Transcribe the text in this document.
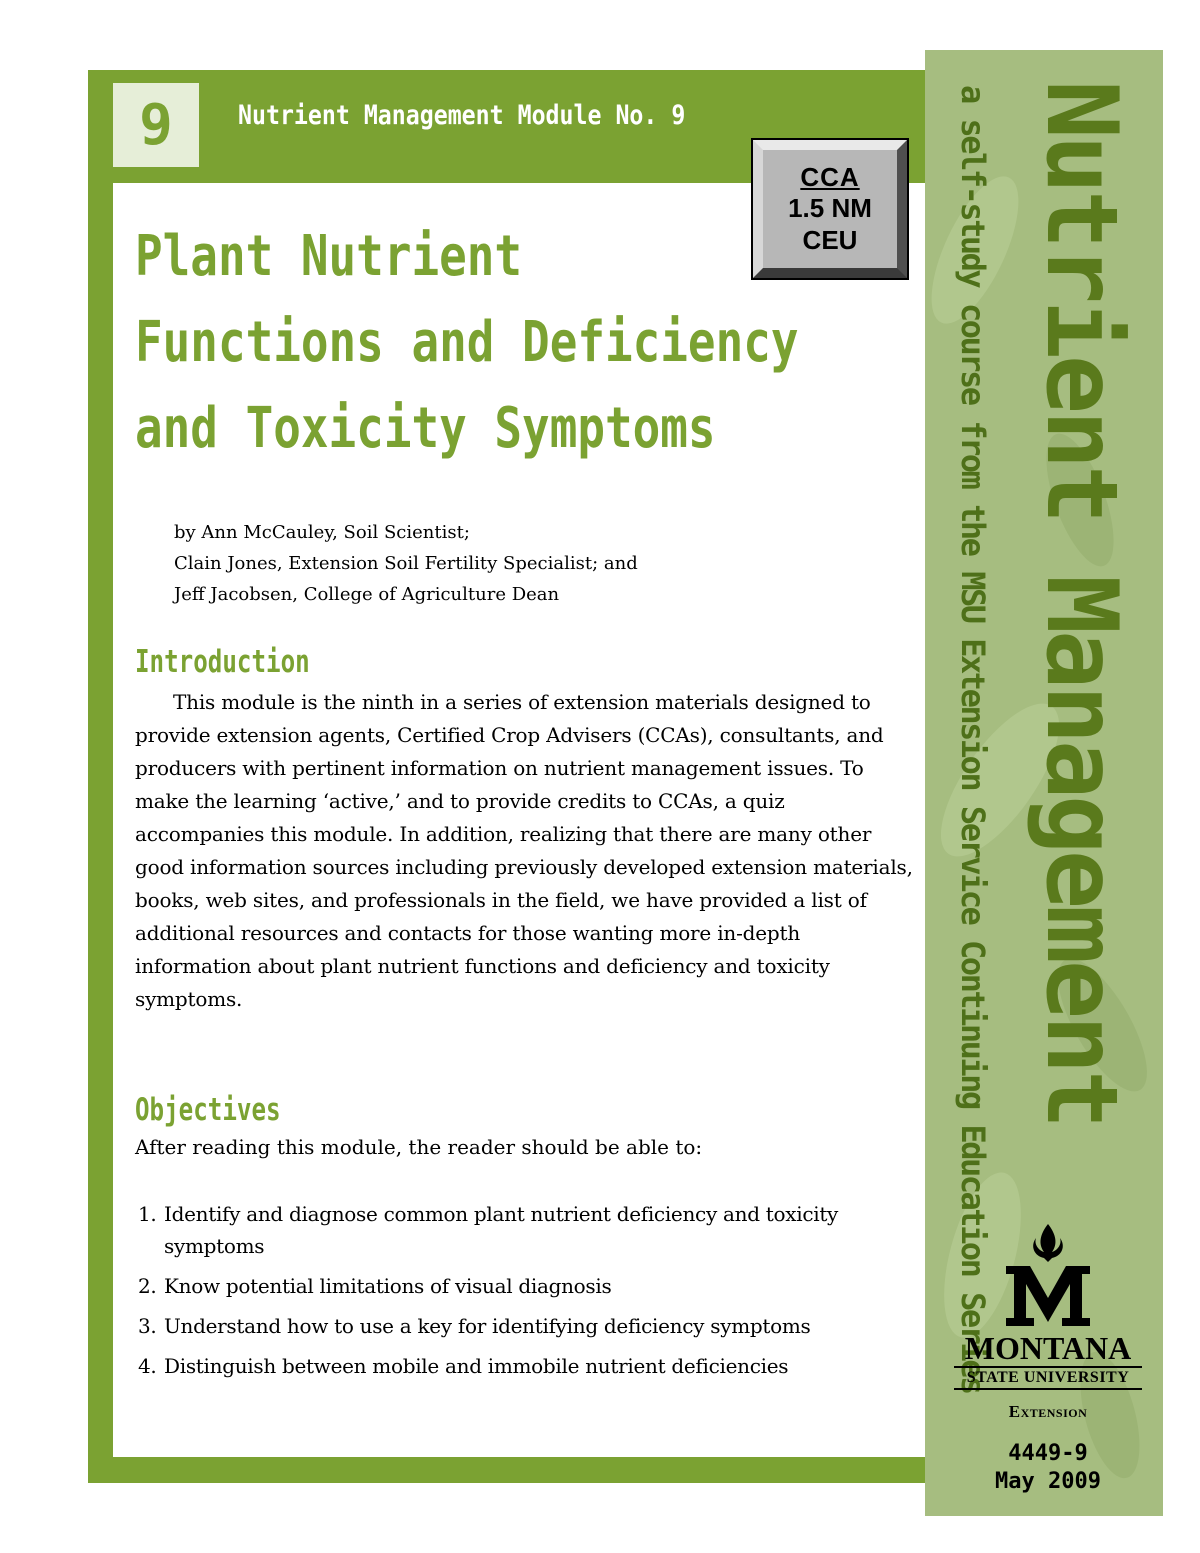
9	Nutrient Management Module No. 9
CCA
1.5 NM
CEU
Plant Nutrient
Functions and Deficiency
and Toxicity Symptoms
by Ann McCauley, Soil Scientist;
Clain Jones, Extension Soil Fertility Specialist; and
Jeff Jacobsen, College of Agriculture Dean
Introduction

This module is the ninth in a series of extension materials designed to provide extension agents, Certified Crop Advisers (CCAs), consultants, and producers with pertinent information on nutrient management issues. To make the learning ‘active,’ and to provide credits to CCAs, a quiz accompanies this module. In addition, realizing that there are many other good information sources including previously developed extension materials, books, web sites, and professionals in the field, we have provided a list of additional resources and contacts for those wanting more in-depth information about plant nutrient functions and deficiency and toxicity symptoms.

Objectives

After reading this module, the reader should be able to:

1. Identify and diagnose common plant nutrient deficiency and toxicity symptoms
2. Know potential limitations of visual diagnosis
3. Understand how to use a key for identifying deficiency symptoms
4. Distinguish between mobile and immobile nutrient deficiencies
Nutrient Management
a self-study course from the MSU Extension Service Continuing Education Series
MONTANA
STATE UNIVERSITY
Extension
4449-9
May 2009
